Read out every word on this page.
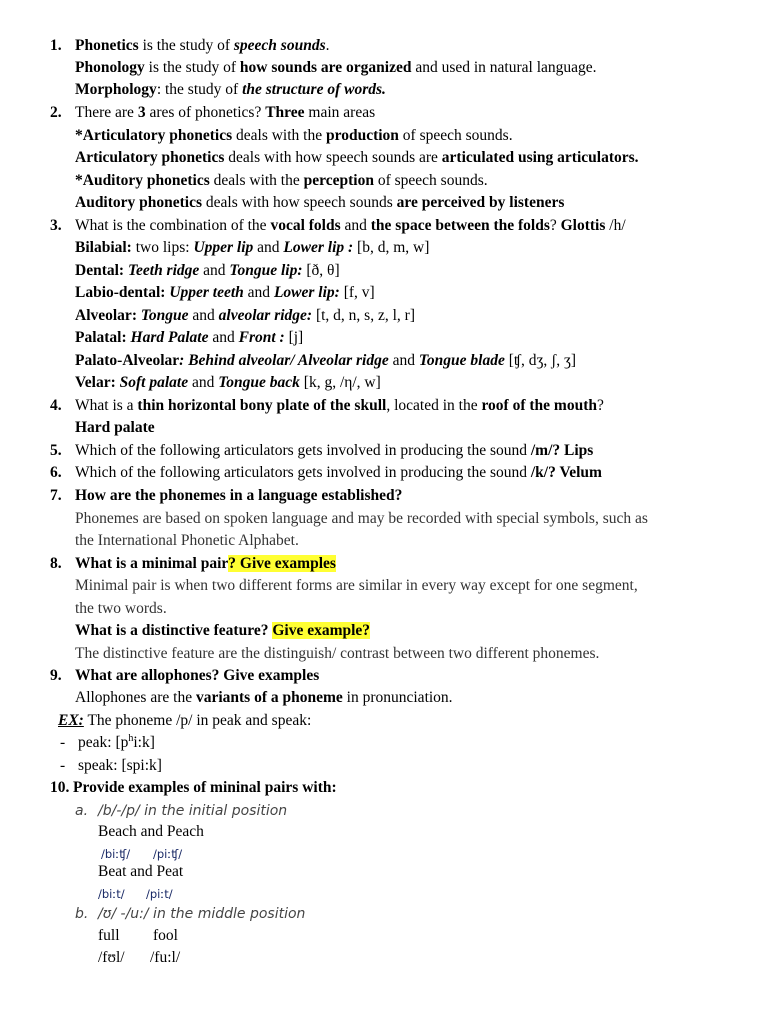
1. Phonetics is the study of speech sounds.
Phonology is the study of how sounds are organized and used in natural language.
Morphology: the study of the structure of words.
2. There are 3 ares of phonetics? Three main areas
*Articulatory phonetics deals with the production of speech sounds.
Articulatory phonetics deals with how speech sounds are articulated using articulators.
*Auditory phonetics deals with the perception of speech sounds.
Auditory phonetics deals with how speech sounds are perceived by listeners
3. What is the combination of the vocal folds and the space between the folds? Glottis /h/
Bilabial: two lips: Upper lip and Lower lip : [b, d, m, w]
Dental: Teeth ridge and Tongue lip: [ð, θ]
Labio-dental: Upper teeth and Lower lip: [f, v]
Alveolar: Tongue and alveolar ridge: [t, d, n, s, z, l, r]
Palatal: Hard Palate and Front : [j]
Palato-Alveolar: Behind alveolar/ Alveolar ridge and Tongue blade [ʧ, dʒ, ʃ, ʒ]
Velar: Soft palate and Tongue back [k, g, /η/, w]
4. What is a thin horizontal bony plate of the skull, located in the roof of the mouth?
Hard palate
5. Which of the following articulators gets involved in producing the sound /m/? Lips
6. Which of the following articulators gets involved in producing the sound /k/? Velum
7. How are the phonemes in a language established?
Phonemes are based on spoken language and may be recorded with special symbols, such as
the International Phonetic Alphabet.
8. What is a minimal pair? Give examples
Minimal pair is when two different forms are similar in every way except for one segment,
the two words.
What is a distinctive feature? Give example?
The distinctive feature are the distinguish/ contrast between two different phonemes.
9. What are allophones? Give examples
Allophones are the variants of a phoneme in pronunciation.
EX: The phoneme /p/ in peak and speak:
- peak: $[p^hi:k]$
- speak: [spi:k]
10. Provide examples of mininal pairs with:
a. /b/-/p/ in the initial position
Beach and Peach
/biːʧ/ /piːʧ/
Beat and Peat
/biːt/ /piːt/
b. /ʊ/ -/u:/ in the middle position
full fool
/fʊl/ /fu:l/
